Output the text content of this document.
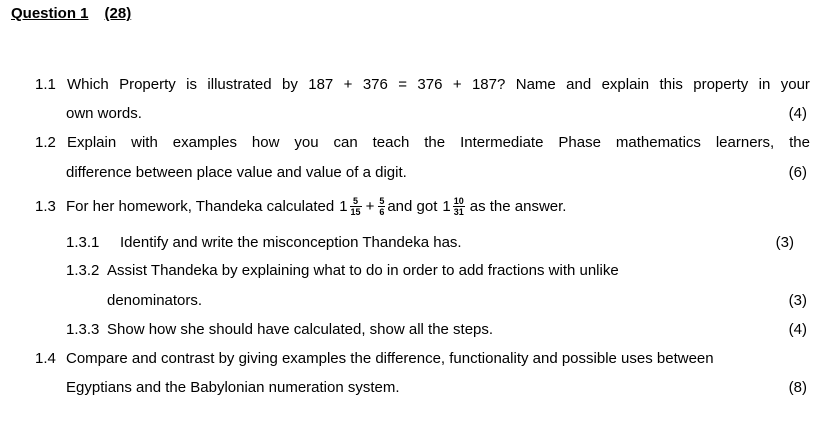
Question 1 (28)
1.1 Which Property is illustrated by 187 + 376 = 376 + 187? Name and explain this property in your
own words.	(4)
1.2 Explain with examples how you can teach the Intermediate Phase mathematics learners, the
difference between place value and value of a digit.	(6)
1.3 For her homework, Thandeka calculated $1 \frac{5}{15} + \frac{5}{6}$ and got $1 \frac{10}{31}$ as the answer.
1.3.1 Identify and write the misconception Thandeka has.	(3)
1.3.2 Assist Thandeka by explaining what to do in order to add fractions with unlike
denominators.	(3)
1.3.3 Show how she should have calculated, show all the steps.	(4)
1.4 Compare and contrast by giving examples the difference, functionality and possible uses between
Egyptians and the Babylonian numeration system.	(8)
